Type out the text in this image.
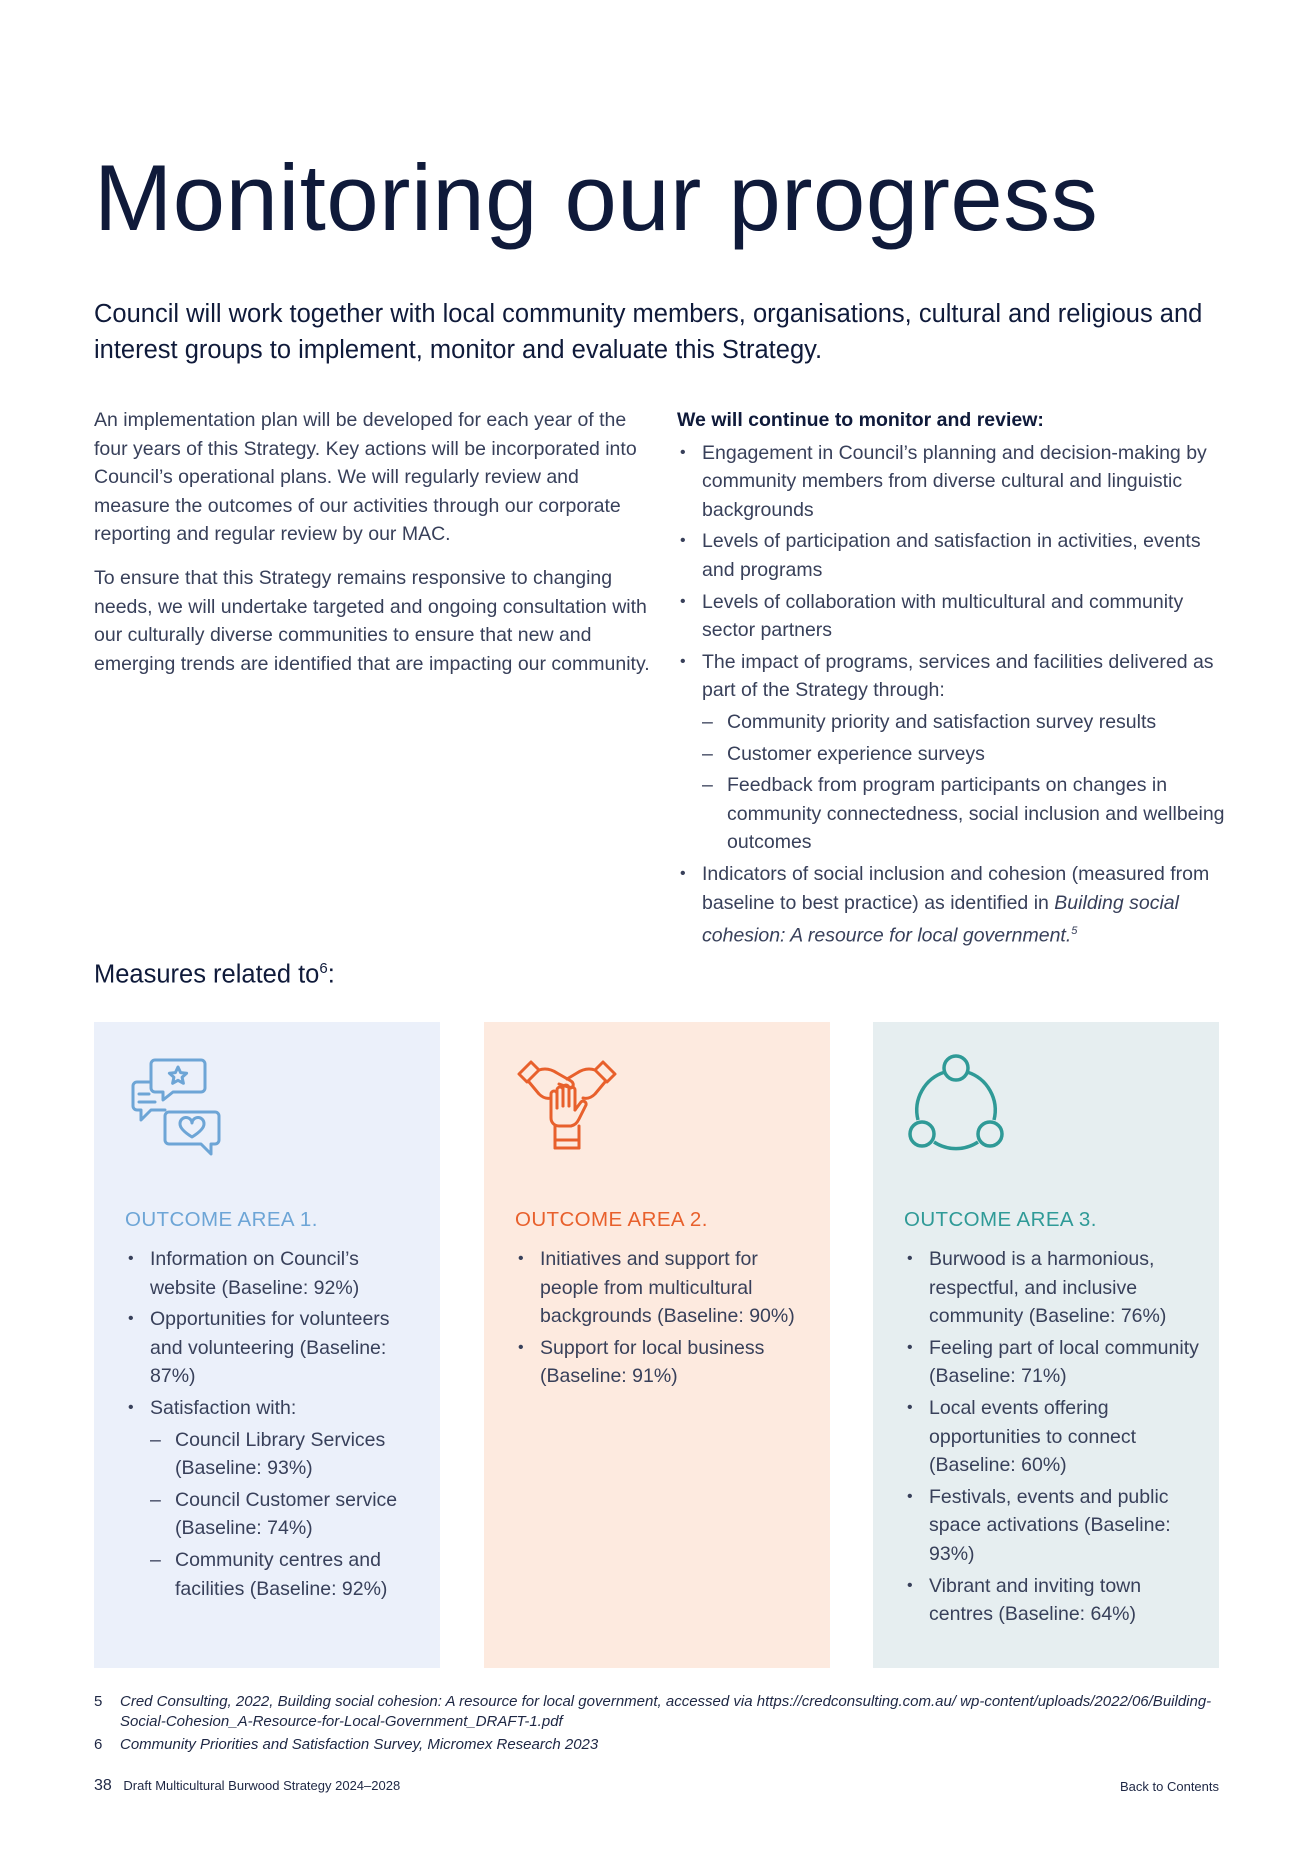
Monitoring our progress

Council will work together with local community members, organisations, cultural and religious and interest groups to implement, monitor and evaluate this Strategy.

An implementation plan will be developed for each year of the four years of this Strategy. Key actions will be incorporated into Council’s operational plans. We will regularly review and measure the outcomes of our activities through our corporate reporting and regular review by our MAC.

To ensure that this Strategy remains responsive to changing needs, we will undertake targeted and ongoing consultation with our culturally diverse communities to ensure that new and emerging trends are identified that are impacting our community.

We will continue to monitor and review:

• Engagement in Council’s planning and decision-making by community members from diverse cultural and linguistic backgrounds
• Levels of participation and satisfaction in activities, events and programs
• Levels of collaboration with multicultural and community sector partners
• The impact of programs, services and facilities delivered as part of the Strategy through:
– Community priority and satisfaction survey results
– Customer experience surveys
– Feedback from program participants on changes in community connectedness, social inclusion and wellbeing outcomes
• Indicators of social inclusion and cohesion (measured from baseline to best practice) as identified in Building social cohesion: A resource for local government.$^5$
Measures related $to^6$:
OUTCOME AREA 1.
• Information on Council’s website (Baseline: 92%)
• Opportunities for volunteers and volunteering (Baseline: 87%)
• Satisfaction with:
– Council Library Services (Baseline: 93%)
– Council Customer service (Baseline: 74%)
– Community centres and facilities (Baseline: 92%)
OUTCOME AREA 2.
• Initiatives and support for people from multicultural backgrounds (Baseline: 90%)
• Support for local business (Baseline: 91%)
OUTCOME AREA 3.
• Burwood is a harmonious, respectful, and inclusive community (Baseline: 76%)
• Feeling part of local community (Baseline: 71%)
• Local events offering opportunities to connect (Baseline: 60%)
• Festivals, events and public space activations (Baseline: 93%)
• Vibrant and inviting town centres (Baseline: 64%)
5 Cred Consulting, 2022, Building social cohesion: A resource for local government, accessed via https://credconsulting.com.au/ wp-content/uploads/2022/06/Building-Social-Cohesion_A-Resource-for-Local-Government_DRAFT-1.pdf
6 Community Priorities and Satisfaction Survey, Micromex Research 2023
38 Draft Multicultural Burwood Strategy 2024–2028	Back to Contents
